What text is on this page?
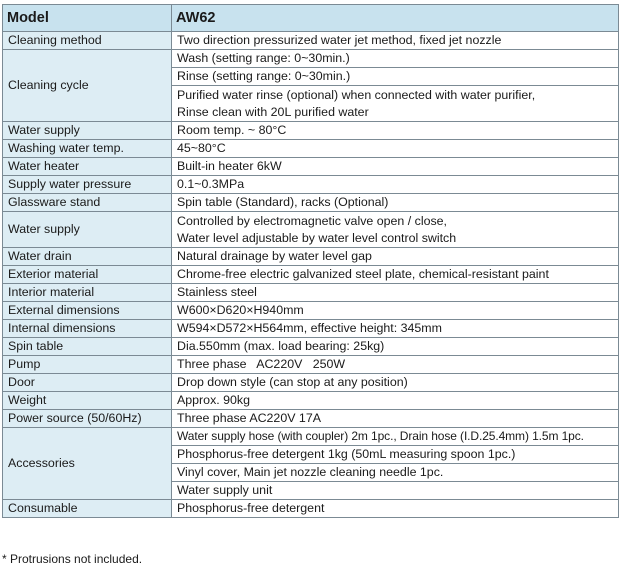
Model	AW62
Cleaning method	Two direction pressurized water jet method, fixed jet nozzle
Cleaning cycle	Wash (setting range: 0~30min.)
	Rinse (setting range: 0~30min.)

	Purified water rinse (optional) when connected with water purifier,
Rinse clean with 20L purified water

Water supply	Room temp. ~ 80°C
Washing water temp.	45~80°C
Water heater	Built-in heater 6kW
Supply water pressure	0.1~0.3MPa
Glassware stand	Spin table (Standard), racks (Optional)
Water supply	Controlled by electromagnetic valve open / close,
Water level adjustable by water level control switch

Water drain	Natural drainage by water level gap
Exterior material	Chrome-free electric galvanized steel plate, chemical-resistant paint
Interior material	Stainless steel
External dimensions	W600×D620×H940mm
Internal dimensions	W594×D572×H564mm, effective height: 345mm
Spin table	Dia.550mm (max. load bearing: 25kg)
Pump	Three phase   AC220V   250W
Door	Drop down style (can stop at any position)
Weight	Approx. 90kg
Power source (50/60Hz)	Three phase AC220V 17A
Accessories	Water supply hose (with coupler) 2m 1pc., Drain hose (I.D.25.4mm) 1.5m 1pc.
	Phosphorus-free detergent 1kg (50mL measuring spoon 1pc.)
	Vinyl cover, Main jet nozzle cleaning needle 1pc.
	Water supply unit
Consumable	Phosphorus-free detergent
* Protrusions not included.
